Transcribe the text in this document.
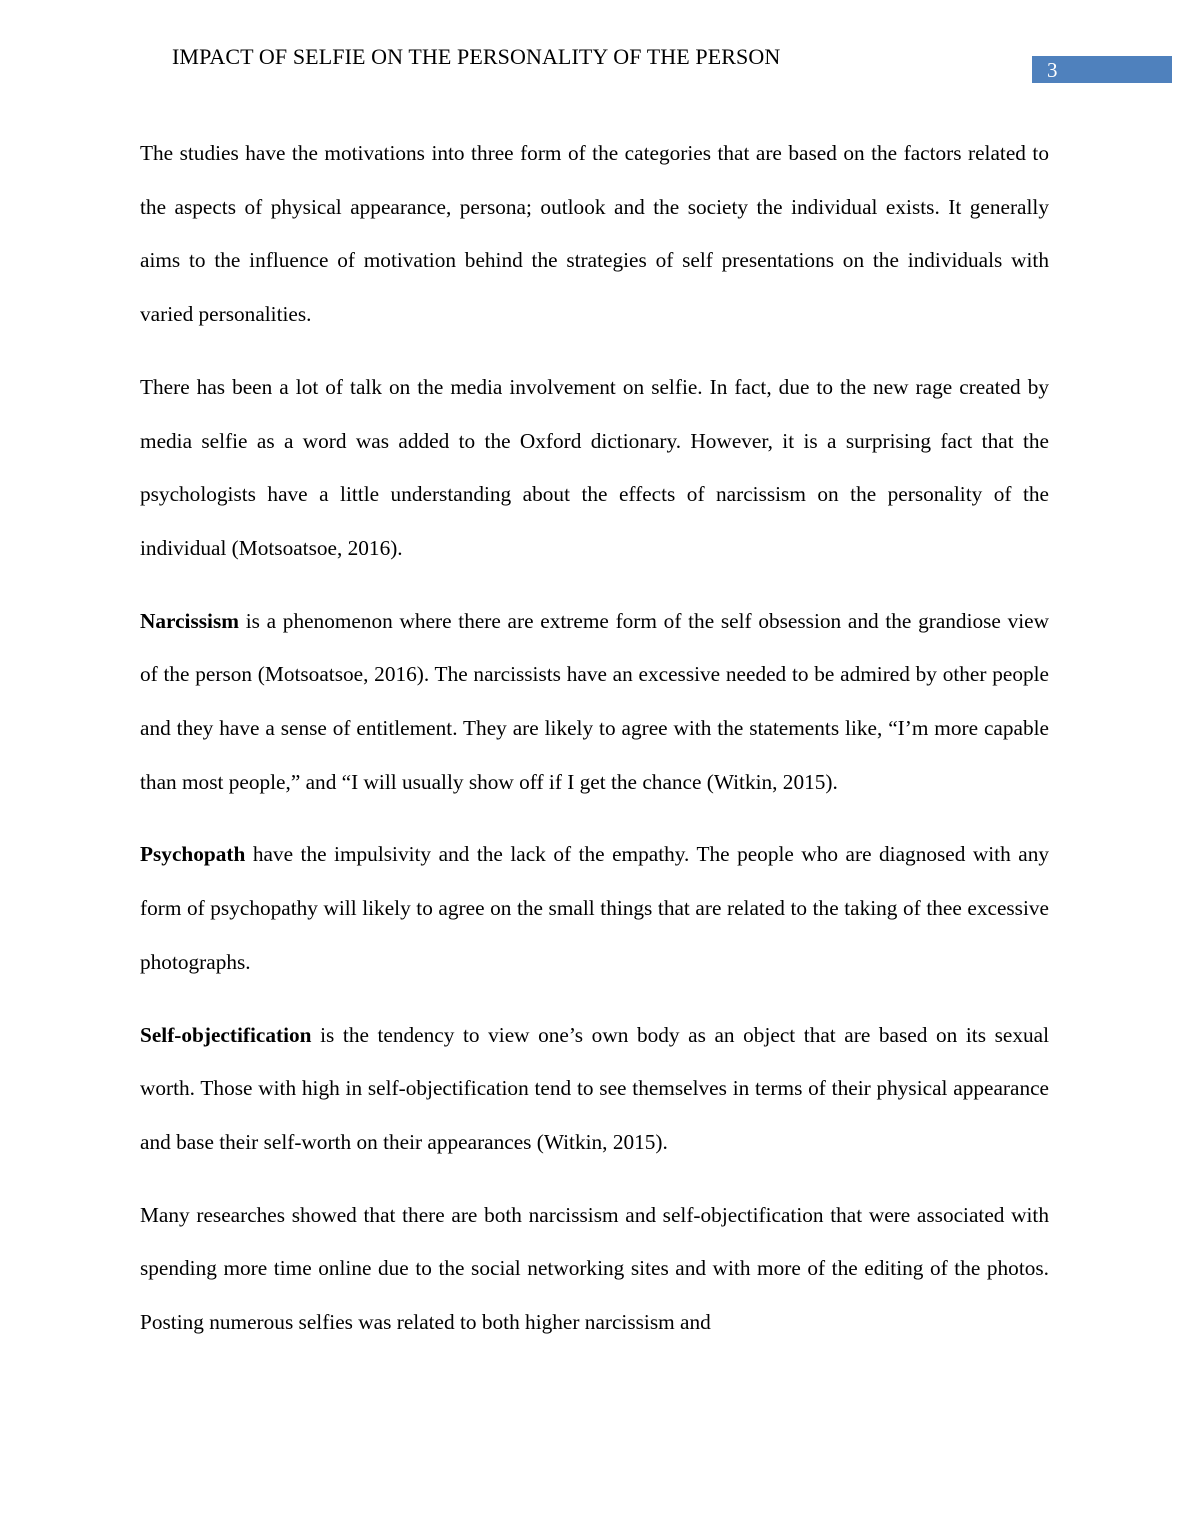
IMPACT OF SELFIE ON THE PERSONALITY OF THE PERSON
3

The studies have the motivations into three form of the categories that are based on the factors related to the aspects of physical appearance, persona; outlook and the society the individual exists. It generally aims to the influence of motivation behind the strategies of self presentations on the individuals with varied personalities.

There has been a lot of talk on the media involvement on selfie. In fact, due to the new rage created by media selfie as a word was added to the Oxford dictionary. However, it is a surprising fact that the psychologists have a little understanding about the effects of narcissism on the personality of the individual (Motsoatsoe, 2016).

Narcissism is a phenomenon where there are extreme form of the self obsession and the grandiose view of the person (Motsoatsoe, 2016). The narcissists have an excessive needed to be admired by other people and they have a sense of entitlement. They are likely to agree with the statements like, “I’m more capable than most people,” and “I will usually show off if I get the chance (Witkin, 2015).

Psychopath have the impulsivity and the lack of the empathy. The people who are diagnosed with any form of psychopathy will likely to agree on the small things that are related to the taking of thee excessive photographs.

Self-objectification is the tendency to view one’s own body as an object that are based on its sexual worth. Those with high in self-objectification tend to see themselves in terms of their physical appearance and base their self-worth on their appearances (Witkin, 2015).

Many researches showed that there are both narcissism and self-objectification that were associated with spending more time online due to the social networking sites and with more of the editing of the photos. Posting numerous selfies was related to both higher narcissism and
